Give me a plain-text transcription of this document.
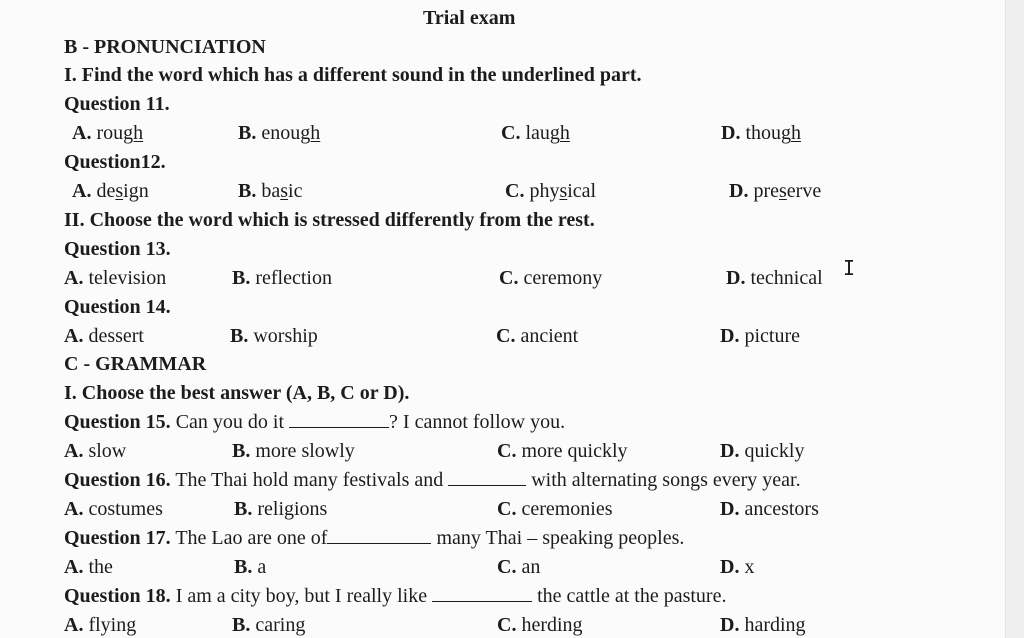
Trial exam
B - PRONUNCIATION
I. Find the word which has a different sound in the underlined part.
Question 11.
A. rough	B. enough	C. laugh	D. though
Question12.
A. design	B. basic	C. physical	D. preserve
II. Choose the word which is stressed differently from the rest.
Question 13.
A. television	B. reflection	C. ceremony	D. technical I
Question 14.
A. dessert	B. worship	C. ancient	D. picture
C - GRAMMAR
I. Choose the best answer (A, B, C or D).
Question 15. Can you do it	? I cannot follow you.
A. slow	B. more slowly	C. more quickly	D. quickly
Question 16. The Thai hold many festivals and	with alternating songs every year.
A. costumes	B. religions	C. ceremonies	D. ancestors
Question 17. The Lao are one of	many Thai – speaking peoples.
A. the	B. a	C. an	D. x
Question 18. I am a city boy, but I really like	the cattle at the pasture.
A. flying	B. caring	C. herding	D. harding
